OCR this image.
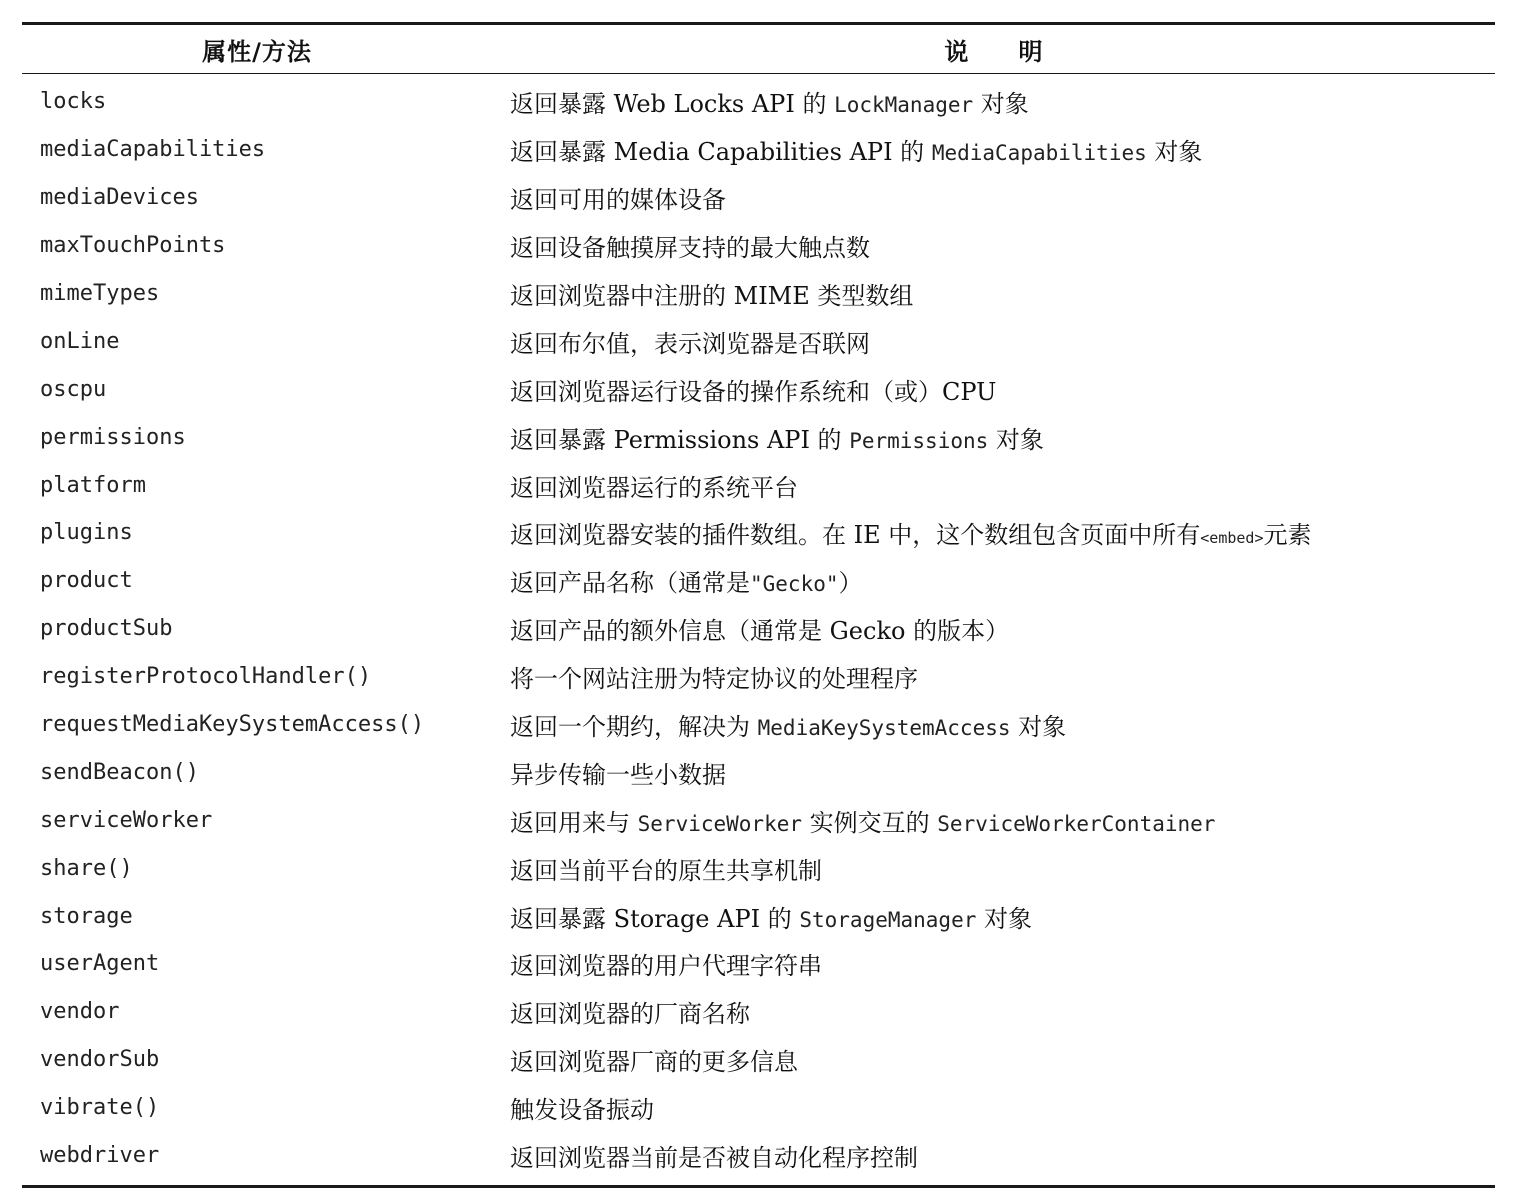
属性/方法	说      明
locks	返回暴露 Web Locks API 的 LockManager 对象
mediaCapabilities	返回暴露 Media Capabilities API 的 MediaCapabilities 对象
mediaDevices	返回可用的媒体设备
maxTouchPoints	返回设备触摸屏支持的最大触点数
mimeTypes	返回浏览器中注册的 MIME 类型数组
onLine	返回布尔值，表示浏览器是否联网
oscpu	返回浏览器运行设备的操作系统和（或）CPU
permissions	返回暴露 Permissions API 的 Permissions 对象
platform	返回浏览器运行的系统平台
plugins	返回浏览器安装的插件数组。在 IE 中，这个数组包含页面中所有<embed>元素
product	返回产品名称（通常是"Gecko"）
productSub	返回产品的额外信息（通常是 Gecko 的版本）
registerProtocolHandler()	将一个网站注册为特定协议的处理程序
requestMediaKeySystemAccess()	返回一个期约，解决为 MediaKeySystemAccess 对象
sendBeacon()	异步传输一些小数据
serviceWorker	返回用来与 ServiceWorker 实例交互的 ServiceWorkerContainer
share()	返回当前平台的原生共享机制
storage	返回暴露 Storage API 的 StorageManager 对象
userAgent	返回浏览器的用户代理字符串
vendor	返回浏览器的厂商名称
vendorSub	返回浏览器厂商的更多信息
vibrate()	触发设备振动
webdriver	返回浏览器当前是否被自动化程序控制
